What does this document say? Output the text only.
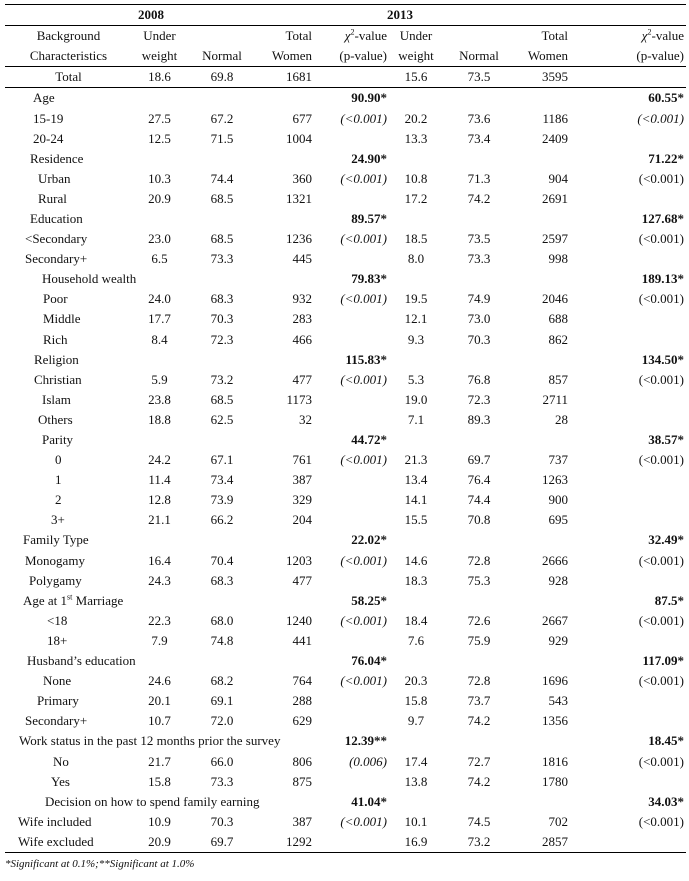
	2008				2013			
Background	Under		Total	$\chi^2$-value	Under		Total	$\chi^2$-value
Characteristics	weight	Normal	Women	(p-value)	weight	Normal	Women	(p-value)
Total	18.6	69.8	1681		15.6	73.5	3595	
Age				90.90*				60.55*
15-19	27.5	67.2	677	(<0.001)	20.2	73.6	1186	(<0.001)
20-24	12.5	71.5	1004		13.3	73.4	2409	
Residence				24.90*				71.22*
Urban	10.3	74.4	360	(<0.001)	10.8	71.3	904	(<0.001)
Rural	20.9	68.5	1321		17.2	74.2	2691	
Education				89.57*				127.68*
<Secondary	23.0	68.5	1236	(<0.001)	18.5	73.5	2597	(<0.001)
Secondary+	6.5	73.3	445		8.0	73.3	998	
Household wealth				79.83*				189.13*
Poor	24.0	68.3	932	(<0.001)	19.5	74.9	2046	(<0.001)
Middle	17.7	70.3	283		12.1	73.0	688	
Rich	8.4	72.3	466		9.3	70.3	862	
Religion				115.83*				134.50*
Christian	5.9	73.2	477	(<0.001)	5.3	76.8	857	(<0.001)
Islam	23.8	68.5	1173		19.0	72.3	2711	
Others	18.8	62.5	32		7.1	89.3	28	
Parity				44.72*				38.57*
0	24.2	67.1	761	(<0.001)	21.3	69.7	737	(<0.001)
1	11.4	73.4	387		13.4	76.4	1263	
2	12.8	73.9	329		14.1	74.4	900	
3+	21.1	66.2	204		15.5	70.8	695	
Family Type				22.02*				32.49*
Monogamy	16.4	70.4	1203	(<0.001)	14.6	72.8	2666	(<0.001)
Polygamy	24.3	68.3	477		18.3	75.3	928	
Age at 1st Marriage				58.25*				87.5*
<18	22.3	68.0	1240	(<0.001)	18.4	72.6	2667	(<0.001)
18+	7.9	74.8	441		7.6	75.9	929	
Husband’s education				76.04*				117.09*
None	24.6	68.2	764	(<0.001)	20.3	72.8	1696	(<0.001)
Primary	20.1	69.1	288		15.8	73.7	543	
Secondary+	10.7	72.0	629		9.7	74.2	1356	
Work status in the past 12 months prior the survey				12.39**				18.45*
No	21.7	66.0	806	(0.006)	17.4	72.7	1816	(<0.001)
Yes	15.8	73.3	875		13.8	74.2	1780	
Decision on how to spend family earning				41.04*				34.03*
Wife included	10.9	70.3	387	(<0.001)	10.1	74.5	702	(<0.001)
Wife excluded	20.9	69.7	1292		16.9	73.2	2857	
*Significant at 0.1%;**Significant at 1.0%
